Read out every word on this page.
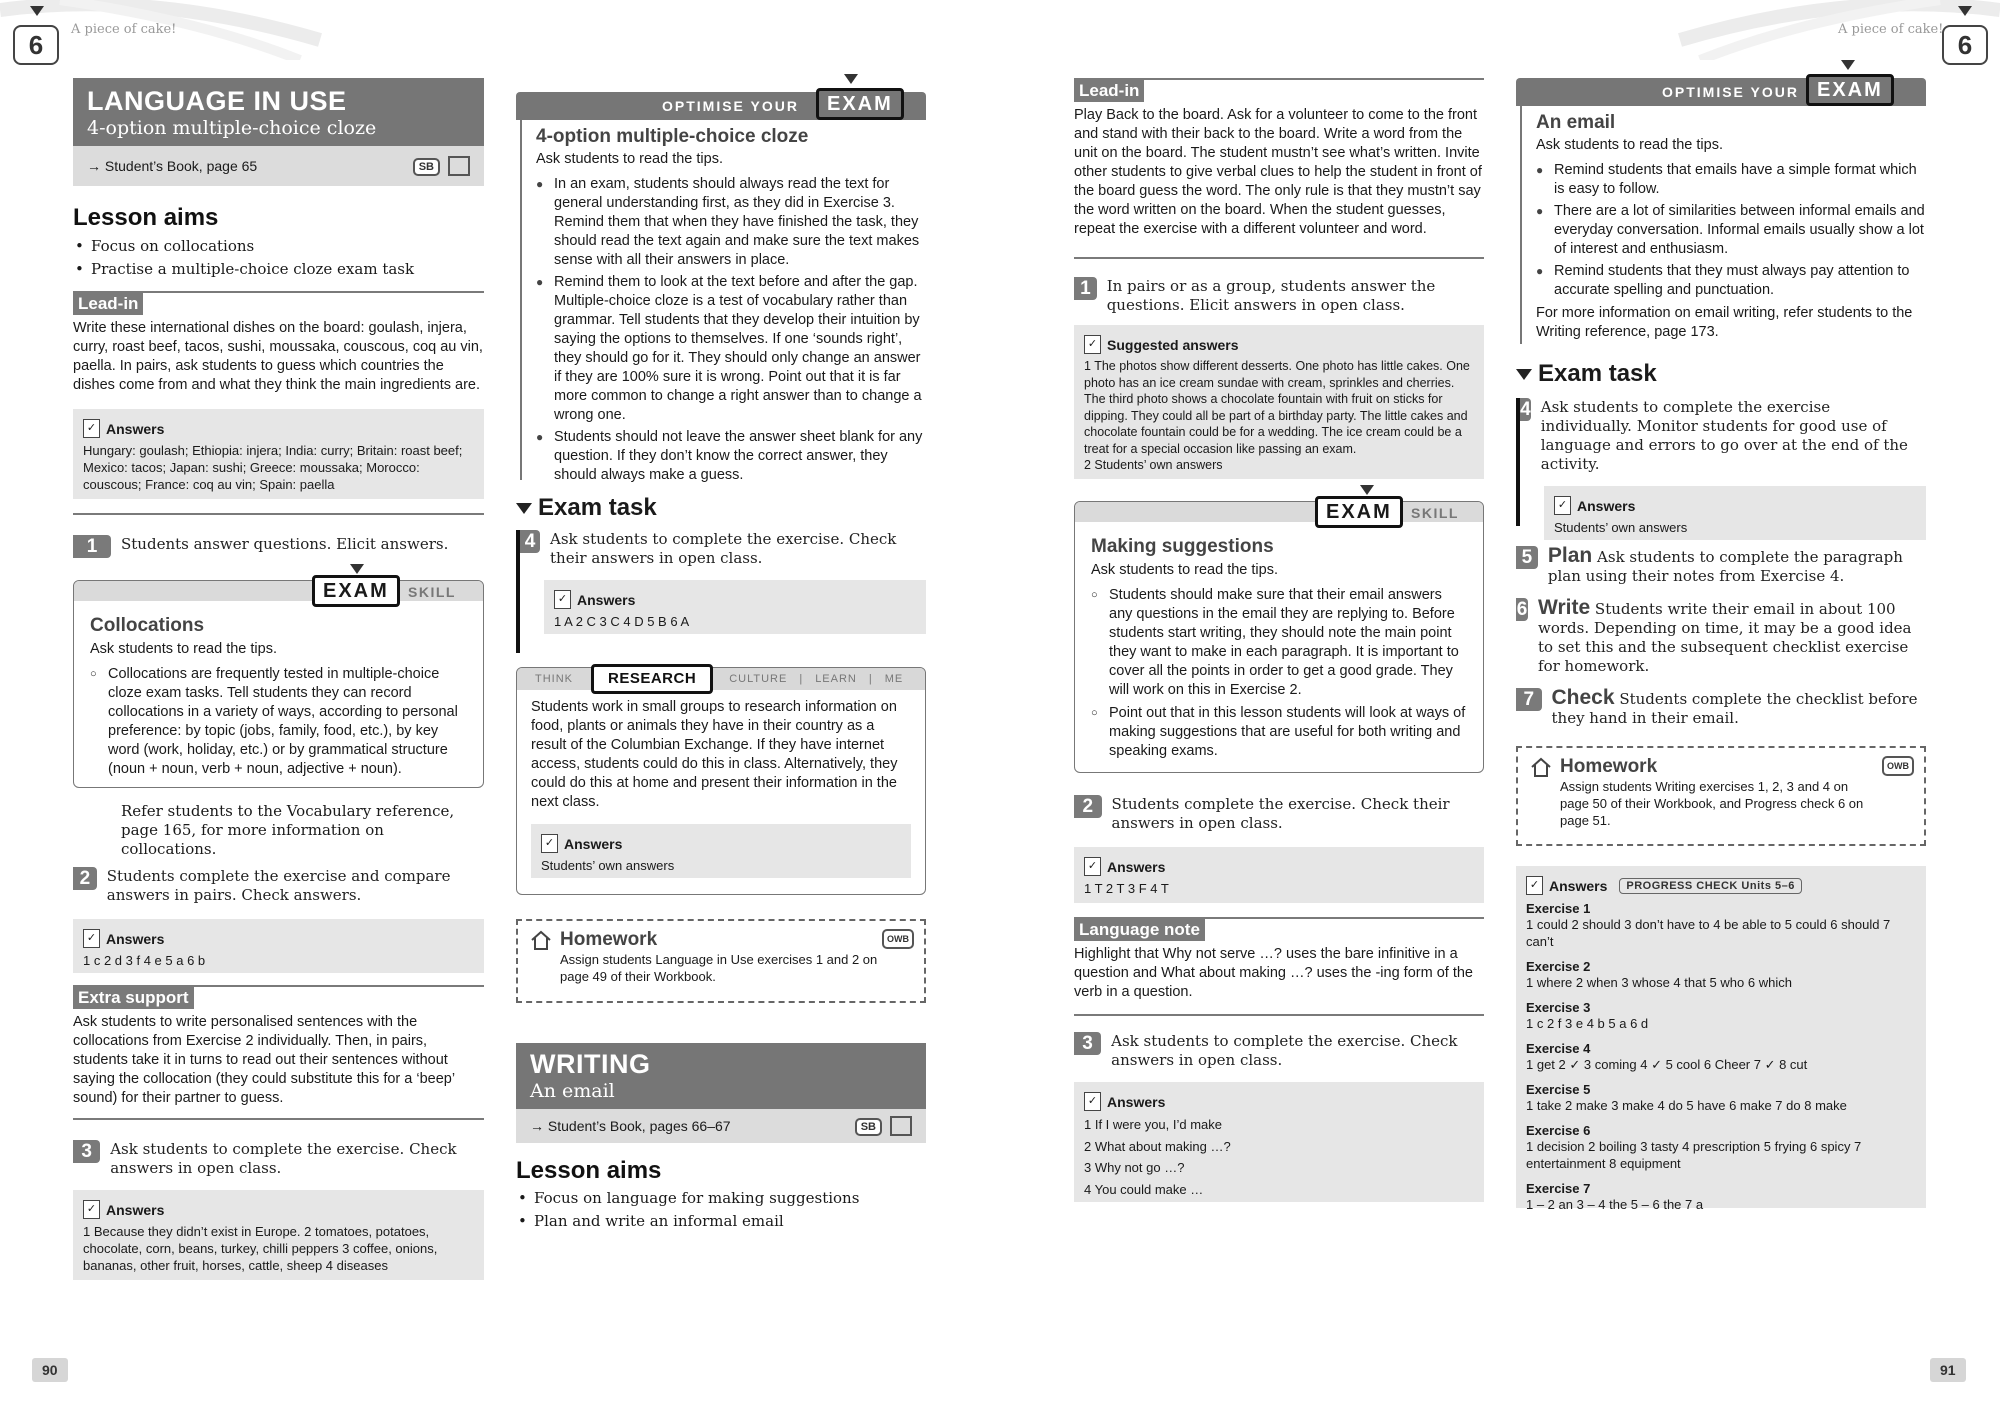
6
A piece of cake!
6
A piece of cake!
LANGUAGE IN USE
4-option multiple-choice cloze
→ Student’s Book, page 65	SB
Lesson aims
• Focus on collocations
• Practise a multiple-choice cloze exam task
Lead-in

Write these international dishes on the board: goulash, injera, curry, roast beef, tacos, sushi, moussaka, couscous, coq au vin, paella. In pairs, ask students to guess which countries the dishes come from and what they think the main ingredients are.

✓ Answers
Hungary: goulash; Ethiopia: injera; India: curry; Britain: roast beef; Mexico: tacos; Japan: sushi; Greece: moussaka; Morocco: couscous; France: coq au vin; Spain: paella
1	Students answer questions. Elicit answers.
EXAM	SKILL
Collocations
Ask students to read the tips.
○ Collocations are frequently tested in multiple-choice cloze exam tasks. Tell students they can record collocations in a variety of ways, according to personal preference: by topic (jobs, family, food, etc.), by key word (work, holiday, etc.) or by grammatical structure (noun + noun, verb + noun, adjective + noun).

Refer students to the Vocabulary reference, page 165, for more information on collocations.

2	Students complete the exercise and compare answers in pairs. Check answers.
✓ Answers
1 c 2 d 3 f 4 e 5 a 6 b
Extra support

Ask students to write personalised sentences with the collocations from Exercise 2 individually. Then, in pairs, students take it in turns to read out their sentences without saying the collocation (they could substitute this for a ‘beep’ sound) for their partner to guess.

3	Ask students to complete the exercise. Check answers in open class.
✓ Answers
1 Because they didn’t exist in Europe. 2 tomatoes, potatoes, chocolate, corn, beans, turkey, chilli peppers 3 coffee, onions, bananas, other fruit, horses, cattle, sheep 4 diseases
OPTIMISE YOUR	EXAM
4-option multiple-choice cloze
Ask students to read the tips.
● In an exam, students should always read the text for general understanding first, as they did in Exercise 3. Remind them that when they have finished the task, they should read the text again and make sure the text makes sense with all their answers in place.
● Remind them to look at the text before and after the gap. Multiple-choice cloze is a test of vocabulary rather than grammar. Tell students that they develop their intuition by saying the options to themselves. If one ‘sounds right’, they should go for it. They should only change an answer if they are 100% sure it is wrong. Point out that it is far more common to change a right answer than to change a wrong one.
● Students should not leave the answer sheet blank for any question. If they don’t know the correct answer, they should always make a guess.
Exam task
4 Ask students to complete the exercise. Check their answers in open class.
✓ Answers
1 A 2 C 3 C 4 D 5 B 6 A
THINK	RESEARCH	CULTURE | LEARN | ME

Students work in small groups to research information on food, plants or animals they have in their country as a result of the Columbian Exchange. If they have internet access, students could do this in class. Alternatively, they could do this at home and present their information in the next class.

✓ Answers
Students’ own answers
Homework

Assign students Language in Use exercises 1 and 2 on page 49 of their Workbook.

OWB
WRITING
An email
→ Student’s Book, pages 66–67	SB
Lesson aims
• Focus on language for making suggestions
• Plan and write an informal email
Lead-in

Play Back to the board. Ask for a volunteer to come to the front and stand with their back to the board. Write a word from the unit on the board. The student mustn’t see what’s written. Invite other students to give verbal clues to help the student in front of the board guess the word. The only rule is that they mustn’t say the word written on the board. When the student guesses, repeat the exercise with a different volunteer and word.

1	In pairs or as a group, students answer the questions. Elicit answers in open class.
✓ Suggested answers
1 The photos show different desserts. One photo has little cakes. One photo has an ice cream sundae with cream, sprinkles and cherries. The third photo shows a chocolate fountain with fruit on sticks for dipping. They could all be part of a birthday party. The little cakes and chocolate fountain could be for a wedding. The ice cream could be a treat for a special occasion like passing an exam.
2 Students’ own answers
EXAM	SKILL
Making suggestions
Ask students to read the tips.
○ Students should make sure that their email answers any questions in the email they are replying to. Before students start writing, they should note the main point they want to make in each paragraph. It is important to cover all the points in order to get a good grade. They will work on this in Exercise 2.
○ Point out that in this lesson students will look at ways of making suggestions that are useful for both writing and speaking exams.
2	Students complete the exercise. Check their answers in open class.
✓ Answers
1 T 2 T 3 F 4 T
Language note

Highlight that Why not serve …? uses the bare infinitive in a question and What about making …? uses the -ing form of the verb in a question.

3	Ask students to complete the exercise. Check answers in open class.
✓ Answers
1 If I were you, I’d make
2 What about making …?
3 Why not go …?
4 You could make …
OPTIMISE YOUR EXAM
An email
Ask students to read the tips.
● Remind students that emails have a simple format which is easy to follow.
● There are a lot of similarities between informal emails and everyday conversation. Informal emails usually show a lot of interest and enthusiasm.
● Remind students that they must always pay attention to accurate spelling and punctuation.

For more information on email writing, refer students to the Writing reference, page 173.

Exam task
4 Ask students to complete the exercise individually. Monitor students for good use of language and errors to go over at the end of the activity.
✓ Answers
Students’ own answers
5 Plan Ask students to complete the paragraph plan using their notes from Exercise 4.
6 Write Students write their email in about 100 words. Depending on time, it may be a good idea to set this and the subsequent checklist exercise for homework.
7 Check Students complete the checklist before they hand in their email.
Homework

Assign students Writing exercises 1, 2, 3 and 4 on page 50 of their Workbook, and Progress check 6 on page 51.

OWB
✓ Answers	PROGRESS CHECK Units 5–6
Exercise 1
1 could 2 should 3 don’t have to 4 be able to 5 could 6 should 7 can’t
Exercise 2
1 where 2 when 3 whose 4 that 5 who 6 which
Exercise 3
1 c 2 f 3 e 4 b 5 a 6 d
Exercise 4
1 get 2 ✓ 3 coming 4 ✓ 5 cool 6 Cheer 7 ✓ 8 cut
Exercise 5
1 take 2 make 3 make 4 do 5 have 6 make 7 do 8 make
Exercise 6
1 decision 2 boiling 3 tasty 4 prescription 5 frying 6 spicy 7 entertainment 8 equipment
Exercise 7
1 – 2 an 3 – 4 the 5 – 6 the 7 a
90	91
